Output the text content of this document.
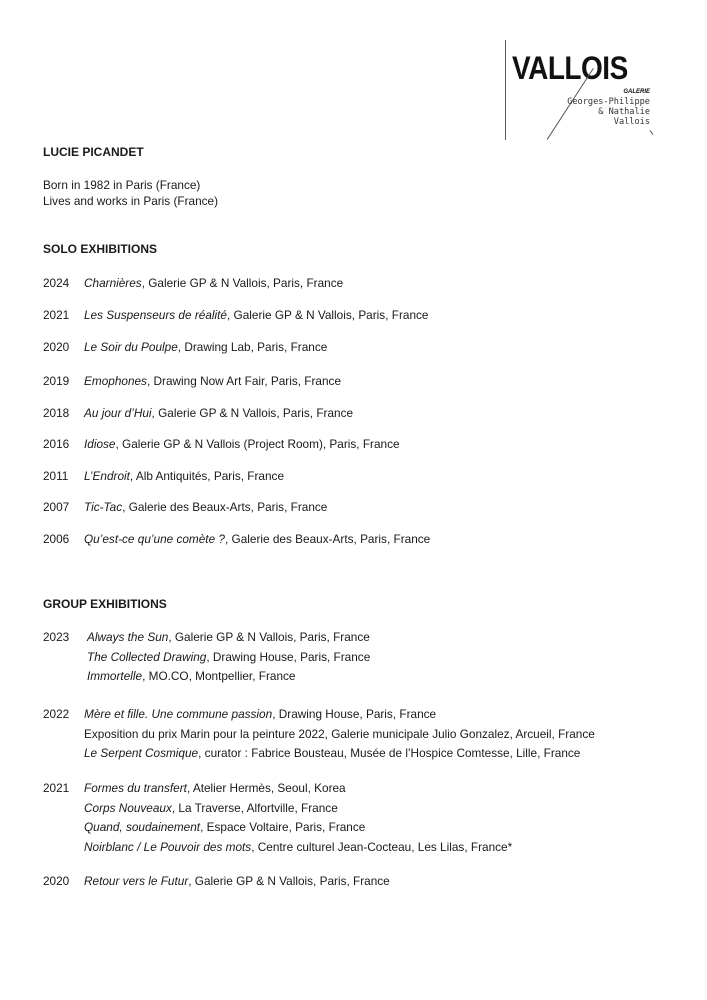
VALLOIS
GALERIE
Georges-Philippe
& Nathalie
Vallois
LUCIE PICANDET
Born in 1982 in Paris (France)
Lives and works in Paris (France)
SOLO EXHIBITIONS
2024 Charnières, Galerie GP & N Vallois, Paris, France
2021 Les Suspenseurs de réalité, Galerie GP & N Vallois, Paris, France
2020 Le Soir du Poulpe, Drawing Lab, Paris, France
2019 Emophones, Drawing Now Art Fair, Paris, France
2018 Au jour d’Hui, Galerie GP & N Vallois, Paris, France
2016 Idiose, Galerie GP & N Vallois (Project Room), Paris, France
2011 L’Endroit, Alb Antiquités, Paris, France
2007 Tic-Tac, Galerie des Beaux-Arts, Paris, France
2006 Qu’est-ce qu’une comète ?, Galerie des Beaux-Arts, Paris, France
GROUP EXHIBITIONS
2023 Always the Sun, Galerie GP & N Vallois, Paris, France
The Collected Drawing, Drawing House, Paris, France
Immortelle, MO.CO, Montpellier, France
2022 Mère et fille. Une commune passion, Drawing House, Paris, France
Exposition du prix Marin pour la peinture 2022, Galerie municipale Julio Gonzalez, Arcueil, France
Le Serpent Cosmique, curator : Fabrice Bousteau, Musée de l’Hospice Comtesse, Lille, France
2021 Formes du transfert, Atelier Hermès, Seoul, Korea
Corps Nouveaux, La Traverse, Alfortville, France
Quand, soudainement, Espace Voltaire, Paris, France
Noirblanc / Le Pouvoir des mots, Centre culturel Jean-Cocteau, Les Lilas, France*
2020 Retour vers le Futur, Galerie GP & N Vallois, Paris, France
